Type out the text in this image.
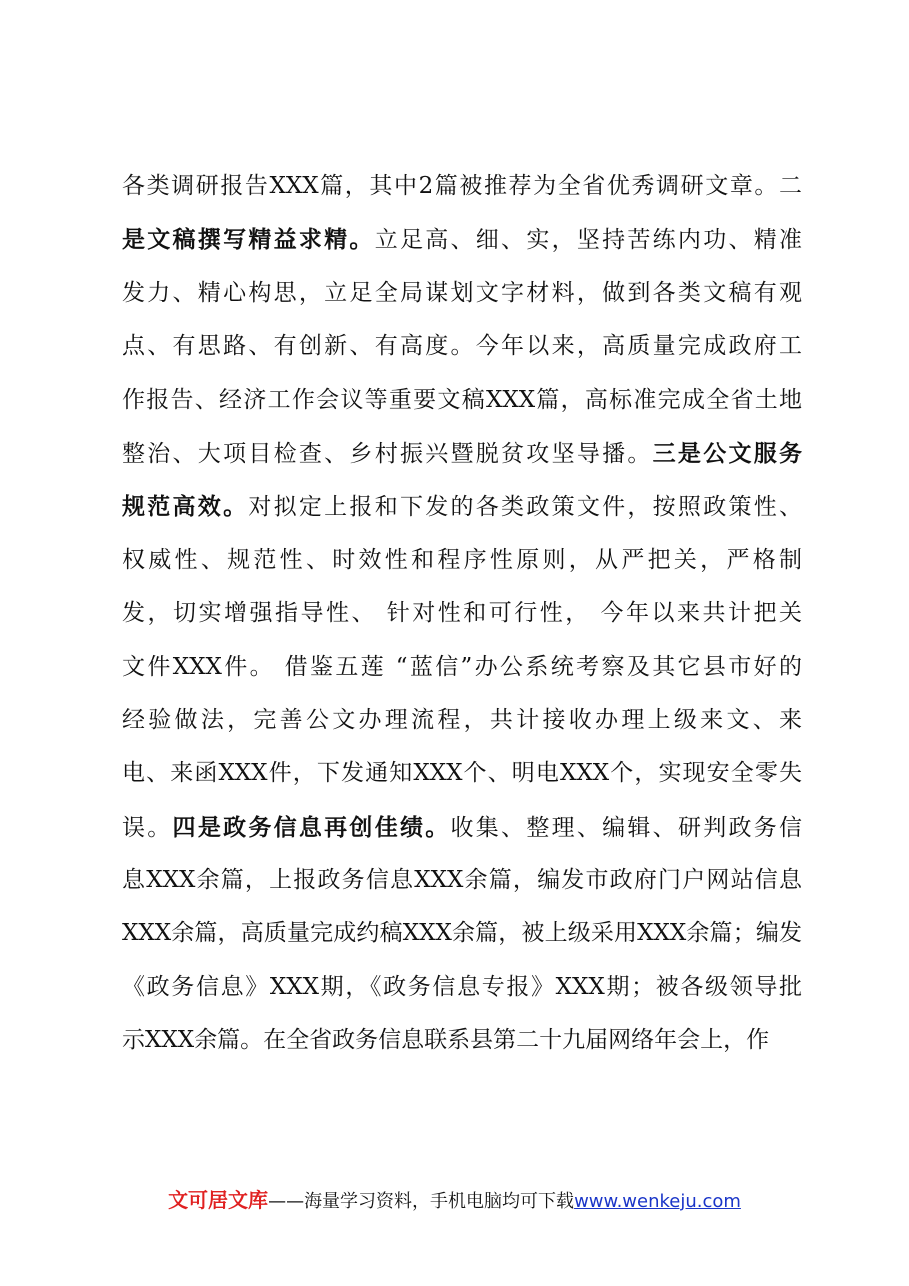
各类调研报告XXX篇，其中2篇被推荐为全省优秀调研文章。二
是文稿撰写精益求精。立足高、细、实，坚持苦练内功、精准
发力、精心构思，立足全局谋划文字材料，做到各类文稿有观
点、有思路、有创新、有高度。今年以来，高质量完成政府工
作报告、经济工作会议等重要文稿XXX篇，高标准完成全省土地
整治、大项目检查、乡村振兴暨脱贫攻坚导播。三是公文服务
规范高效。对拟定上报和下发的各类政策文件，按照政策性、
权威性、规范性、时效性和程序性原则，从严把关，严格制
发，切实增强指导性、 针对性和可行性， 今年以来共计把关
文件XXX件。 借鉴五莲 “蓝信”办公系统考察及其它县市好的
经验做法，完善公文办理流程，共计接收办理上级来文、来
电、来函XXX件，下发通知XXX个、明电XXX个，实现安全零失
误。四是政务信息再创佳绩。收集、整理、编辑、研判政务信
息XXX余篇，上报政务信息XXX余篇，编发市政府门户网站信息
XXX余篇，高质量完成约稿XXX余篇，被上级采用XXX余篇；编发
《政务信息》XXX期，《政务信息专报》XXX期；被各级领导批
示XXX余篇。在全省政务信息联系县第二十九届网络年会上，作
文可居文库——海量学习资料，手机电脑均可下载www.wenkeju.com
